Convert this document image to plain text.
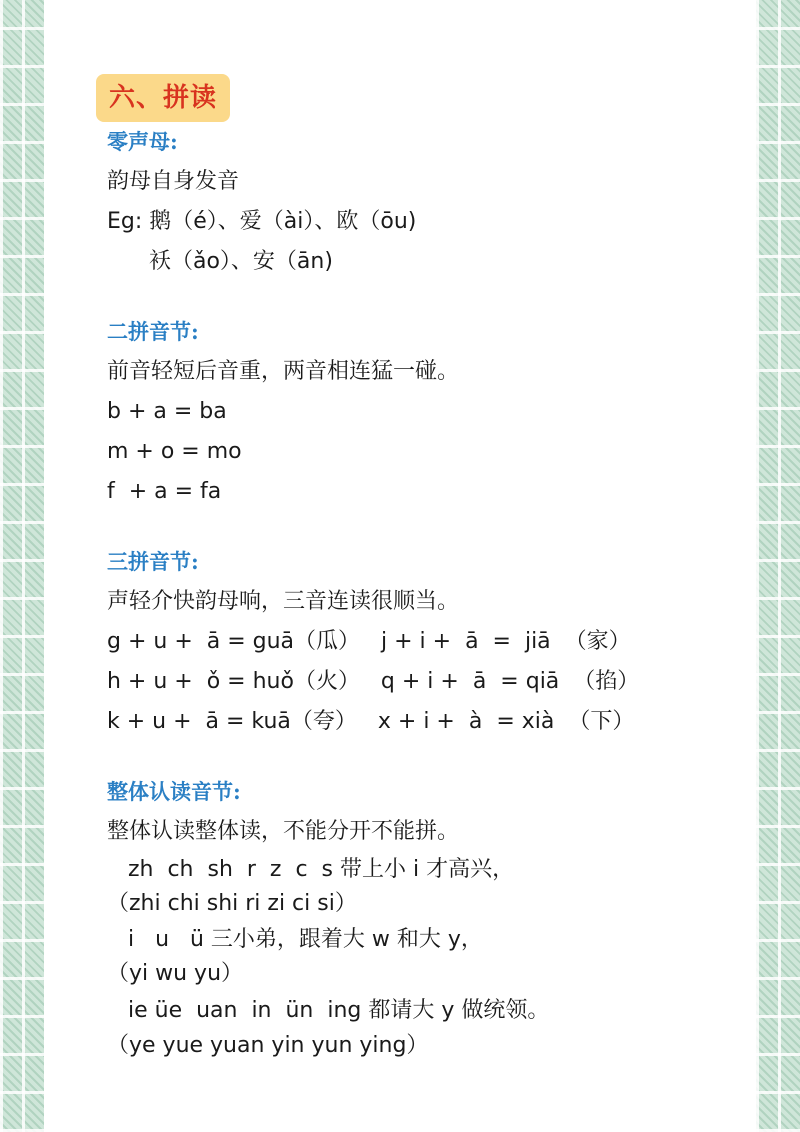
六、拼读
零声母:
韵母自身发音
Eg: 鹅（é）、爱（ài）、欧（ōu)
袄（ǎo）、安（ān)
二拼音节:
前音轻短后音重，两音相连猛一碰。
b + a = ba
m + o = mo
f  + a = fa
三拼音节:
声轻介快韵母响，三音连读很顺当。
g + u +  ā = guā（瓜）   j + i +  ā  =  jiā  （家）
h + u +  ǒ = huǒ（火）   q + i +  ā  = qiā  （掐）
k + u +  ā = kuā（夸）   x + i +  à  = xià  （下）
整体认读音节:
整体认读整体读，不能分开不能拼。
zh  ch  sh  r  z  c  s 带上小 i 才高兴，
（zhi chi shi ri zi ci si）
i   u   ü 三小弟，跟着大 w 和大 y，
（yi wu yu）
ie üe  uan  in  ün  ing 都请大 y 做统领。
（ye yue yuan yin yun ying）
